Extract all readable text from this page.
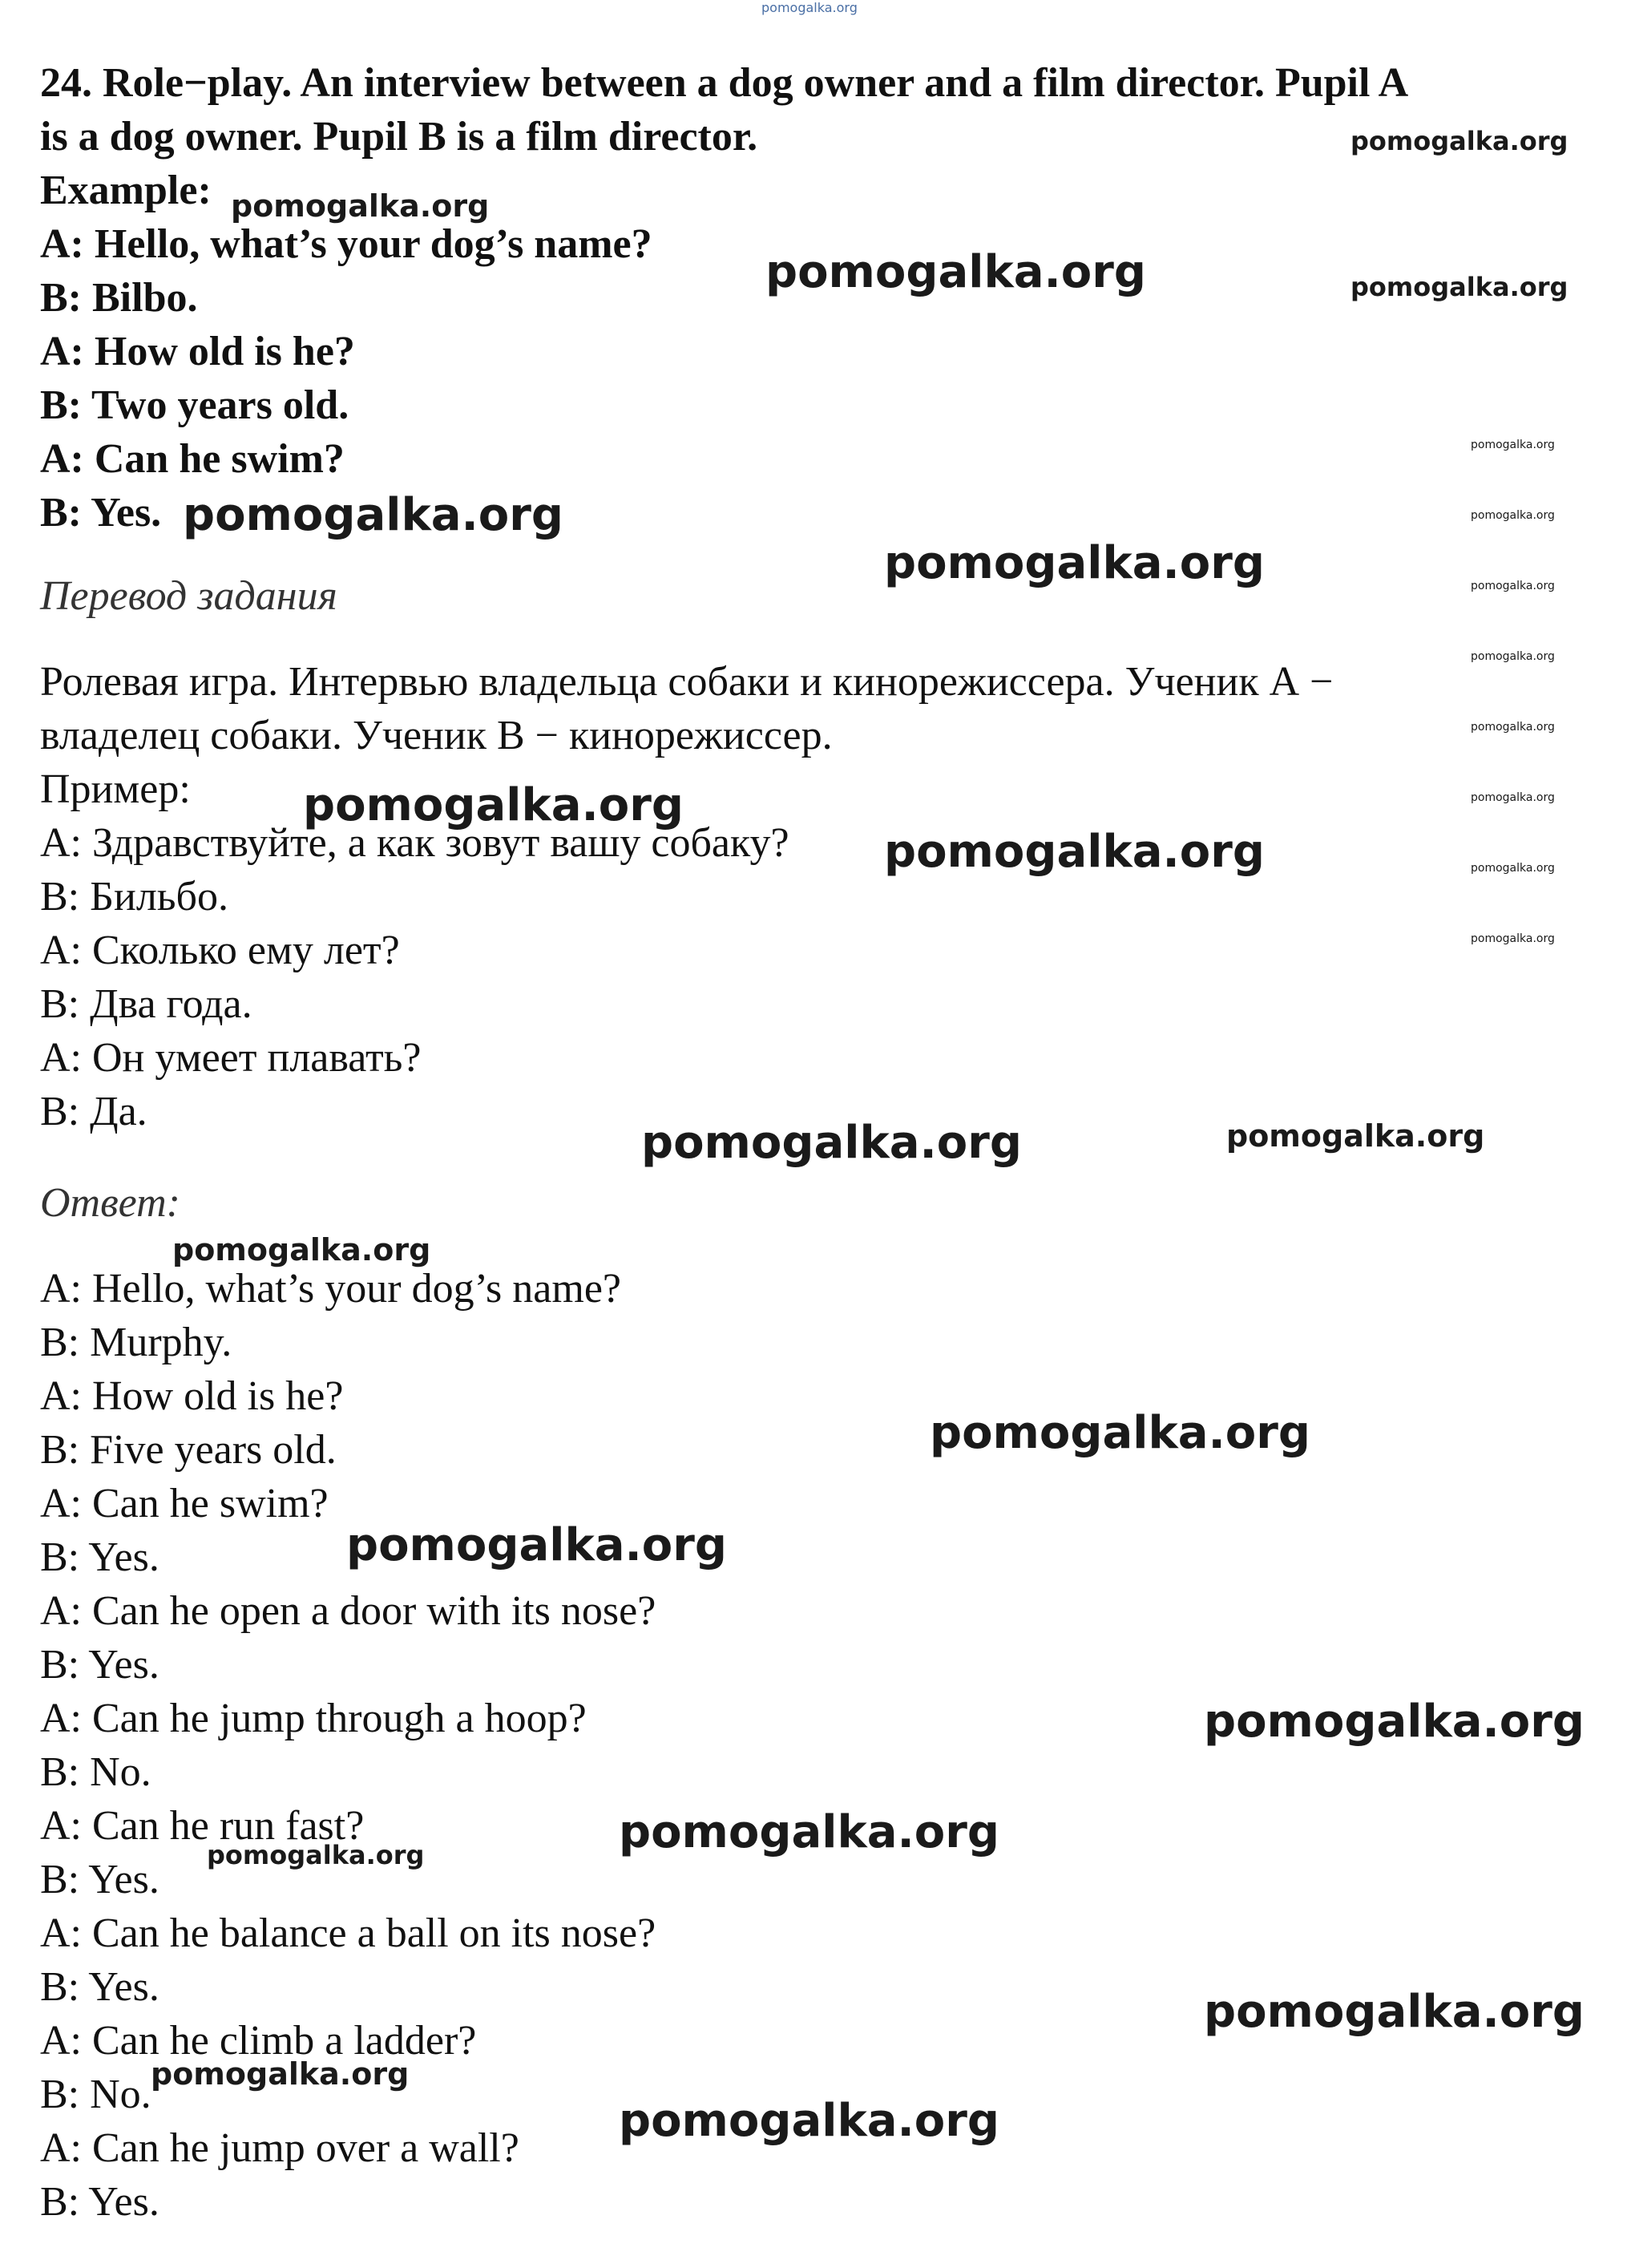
24. Role−play. An interview between a dog owner and a film director. Pupil A
is a dog owner. Pupil B is a film director.
Example:
A: Hello, what’s your dog’s name?
B: Bilbo.
A: How old is he?
B: Two years old.
A: Can he swim?
B: Yes.
Перевод задания
Ролевая игра. Интервью владельца собаки и кинорежиссера. Ученик А −
владелец собаки. Ученик В − кинорежиссер.
Пример:
A: Здравствуйте, а как зовут вашу собаку?
B: Бильбо.
A: Сколько ему лет?
B: Два года.
A: Он умеет плавать?
B: Да.
Ответ:
A: Hello, what’s your dog’s name?
B: Murphy.
A: How old is he?
B: Five years old.
A: Can he swim?
B: Yes.
A: Can he open a door with its nose?
B: Yes.
A: Can he jump through a hoop?
B: No.
A: Can he run fast?
B: Yes.
A: Can he balance a ball on its nose?
B: Yes.
A: Can he climb a ladder?
B: No.
A: Can he jump over a wall?
B: Yes.
pomogalka.org
pomogalka.org
pomogalka.org
pomogalka.org	pomogalka.org
pomogalka.org
pomogalka.org	pomogalka.org
pomogalka.org	pomogalka.org
pomogalka.org
pomogalka.org
pomogalka.org	pomogalka.org
pomogalka.org	pomogalka.org
pomogalka.org
pomogalka.org	pomogalka.org
pomogalka.org
pomogalka.org
pomogalka.org
pomogalka.org
pomogalka.org
pomogalka.org
pomogalka.org
pomogalka.org
pomogalka.org
